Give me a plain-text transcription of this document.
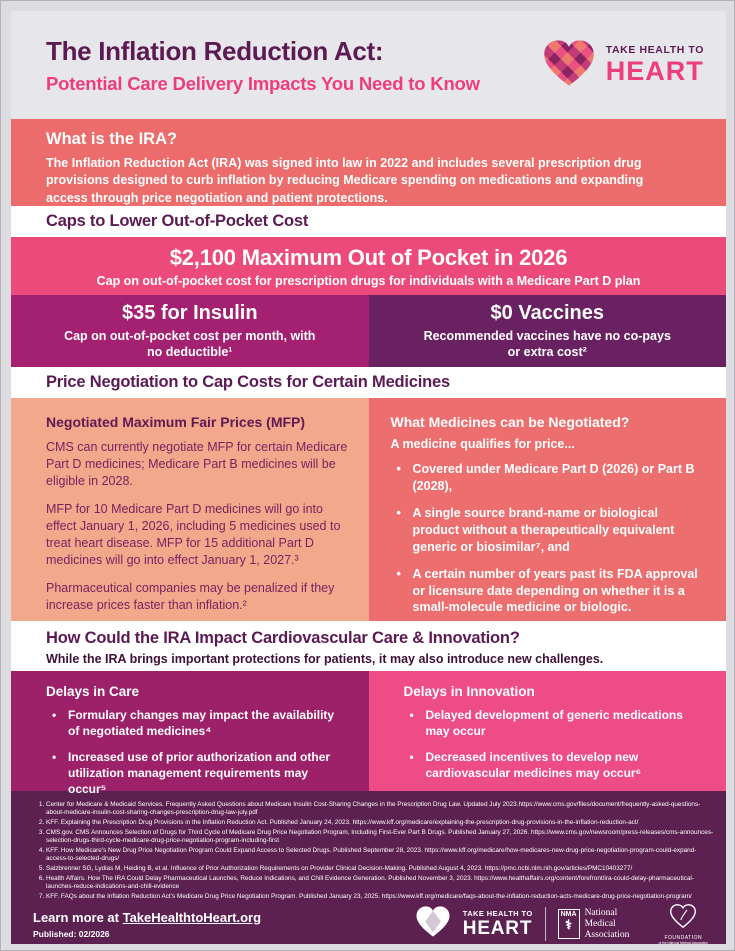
The Inflation Reduction Act:
Potential Care Delivery Impacts You Need to Know
TAKE HEALTH TO
HEART
What is the IRA?

The Inflation Reduction Act (IRA) was signed into law in 2022 and includes several prescription drug provisions designed to curb inflation by reducing Medicare spending on medications and expanding access through price negotiation and patient protections.

Caps to Lower Out-of-Pocket Cost
$2,100 Maximum Out of Pocket in 2026
Cap on out-of-pocket cost for prescription drugs for individuals with a Medicare Part D plan
$35 for Insulin
Cap on out-of-pocket cost per month, with no deductible¹
$0 Vaccines
Recommended vaccines have no co-pays or extra cost²
Price Negotiation to Cap Costs for Certain Medicines
Negotiated Maximum Fair Prices (MFP)

CMS can currently negotiate MFP for certain Medicare Part D medicines; Medicare Part B medicines will be eligible in 2028.

MFP for 10 Medicare Part D medicines will go into effect January 1, 2026, including 5 medicines used to treat heart disease. MFP for 15 additional Part D medicines will go into effect January 1, 2027.³

Pharmaceutical companies may be penalized if they increase prices faster than inflation.²

What Medicines can be Negotiated?
A medicine qualifies for price...
• Covered under Medicare Part D (2026) or Part B (2028),
• A single source brand-name or biological product without a therapeutically equivalent generic or biosimilar⁷, and
• A certain number of years past its FDA approval or licensure date depending on whether it is a small-molecule medicine or biologic.
How Could the IRA Impact Cardiovascular Care & Innovation?

While the IRA brings important protections for patients, it may also introduce new challenges.

Delays in Care
• Formulary changes may impact the availability of negotiated medicines⁴
• Increased use of prior authorization and other utilization management requirements may occur⁵
Delays in Innovation
• Delayed development of generic medications may occur
• Decreased incentives to develop new cardiovascular medicines may occur⁶
1. Center for Medicare & Medicaid Services. Frequently Asked Questions about Medicare Insulin Cost-Sharing Changes in the Prescription Drug Law. Updated July 2023.https://www.cms.gov/files/document/frequently-asked-questions-about-medicare-insulin-cost-sharing-changes-prescription-drug-law-july.pdf
2. KFF. Explaining the Prescription Drug Provisions in the Inflation Reduction Act. Published January 24, 2023. https://www.kff.org/medicare/explaining-the-prescription-drug-provisions-in-the-inflation-reduction-act/
3. CMS.gov. CMS Announces Selection of Drugs for Third Cycle of Medicare Drug Price Negotiation Program, Including First-Ever Part B Drugs. Published January 27, 2026. https://www.cms.gov/newsroom/press-releases/cms-announces-selection-drugs-third-cycle-medicare-drug-price-negotiation-program-including-first
4. KFF. How Medicare's New Drug Price Negotiation Program Could Expand Access to Selected Drugs. Published September 28, 2023. https://www.kff.org/medicare/how-medicares-new-drug-price-negotiation-program-could-expand-access-to-selected-drugs/
5. Salzbrenner SG, Lydias M, Heiding B, et al. Influence of Prior Authorization Requirements on Provider Clinical Decision-Making. Published August 4, 2023. https://pmc.ncbi.nlm.nih.gov/articles/PMC10403277/
6. Health Affairs. How The IRA Could Delay Pharmaceutical Launches, Reduce Indications, and Chill Evidence Generation. Published November 3, 2023. https://www.healthaffairs.org/content/forefront/ira-could-delay-pharmaceutical-launches-reduce-indications-and-chill-evidence
7. KFF. FAQs about the Inflation Reduction Act's Medicare Drug Price Negotiation Program. Published January 23, 2025. https://www.kff.org/medicare/faqs-about-the-inflation-reduction-acts-medicare-drug-price-negotiation-program/
Learn more at TakeHealthtoHeart.org
Published: 02/2026
TAKE HEALTH TO
HEART
NMA
⚕
National Medical Association	FOUNDATION
of the National Medical Association
